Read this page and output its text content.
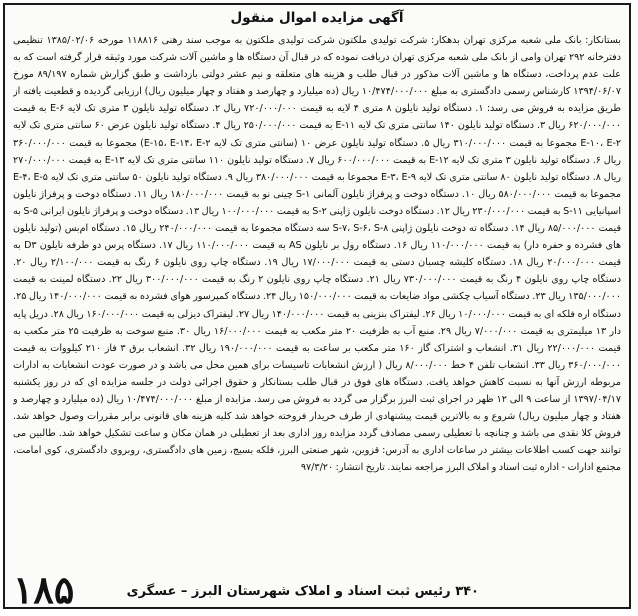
آگهی مزایده اموال منقول
بستانکار: بانک ملی شعبه مرکزی تهران بدهکار: شرکت تولیدی ملکتون شرکت تولیدی ملکتون به موجب سند رهنی ۱۱۸۸۱۶ مورخه ۱۳۸۵/۰۲/۰۶ تنظیمی دفترخانه ۲۹۲ تهران وامی از بانک ملی شعبه مرکزی تهران دریافت نموده که در قبال آن دستگاه ها و ماشین آلات شرکت مورد وثیقه قرار گرفته است که به علت عدم پرداخت، دستگاه ها و ماشین آلات مذکور در قبال طلب و هزینه های متعلقه و نیم عشر دولتی بازداشت و طبق گزارش شماره ۸۹/۱۹۷ مورخ ۱۳۹۴/۰۶/۰۷ کارشناس رسمی دادگستری به مبلغ ۱۰/۴۷۴/۰۰۰/۰۰۰ ریال (ده میلیارد و چهارصد و هفتاد و چهار میلیون ریال) ارزیابی گردیده و قطعیت یافته از طریق مزایده به فروش می رسد: ۱. دستگاه تولید نایلون ۸ متری ۴ لایه به قیمت ۷۲۰/۰۰۰/۰۰۰ ریال ۲. دستگاه تولید نایلون ۳ متری تک لایه E-۶ به قیمت ۶۲۰/۰۰۰/۰۰۰ ریال ۳. دستگاه تولید نایلون ۱۴۰ سانتی متری تک لایه E-۱۱ به قیمت ۲۵۰/۰۰۰/۰۰۰ ریال ۴. دستگاه تولید نایلون عرض ۶۰ سانتی متری تک لایه E-۱۰، E-۲ مجموعا به قیمت ۳۱۰/۰۰۰/۰۰۰ ریال ۵. دستگاه تولید نایلون عرض ۱۰ (سانتی متری تک لایه E-۱۵، E-۱۴، E-۲) مجموعا به قیمت ۳۶۰/۰۰۰/۰۰۰ ریال ۶. دستگاه تولید نایلون ۳ متری تک لایه E-۱۲ به قیمت ۶۰۰/۰۰۰/۰۰۰ ریال ۷. دستگاه تولید نایلون ۱۱۰ سانتی متری تک لایه E-۱۳ به قیمت ۲۷۰/۰۰۰/۰۰۰ ریال ۸. دستگاه تولید نایلون ۸۰ سانتی متری تک لایه E-۳، E-۹ مجموعا به قیمت ۳۸۰/۰۰۰/۰۰۰ ریال ۹. دستگاه تولید نایلون ۵۰ سانتی متری تک لایه E-۴، E-۵ مجموعا به قیمت ۵۸۰/۰۰۰/۰۰۰ ریال ۱۰. دستگاه دوخت و پرفراژ نایلون آلمانی S-۱ چینی نو به قیمت ۱۸۰/۰۰۰/۰۰۰ ریال ۱۱. دستگاه دوخت و پرفراژ نایلون اسپانیایی S-۱۱ به قیمت ۲۳۰/۰۰۰/۰۰۰ ریال ۱۲. دستگاه دوخت نایلون ژاپنی S-۲ به قیمت ۱۰۰/۰۰۰/۰۰۰ ریال ۱۳. دستگاه دوخت و پرفراژ نایلون ایرانی S-۵ به قیمت ۸۵/۰۰۰/۰۰۰ ریال ۱۴. دستگاه ته دوخت نایلون ژاپنی S-۷، S-۶، S-۸ سه دستگاه مجموعا به قیمت ۲۴۰/۰۰۰/۰۰۰ ریال ۱۵. دستگاه ام‌بس (تولید نایلون های فشرده و حفره دار) به قیمت ۱۱۰/۰۰۰/۰۰۰ ریال ۱۶. دستگاه رول بر نایلون AS به قیمت ۱۱۰/۰۰۰/۰۰۰ ریال ۱۷. دستگاه پرس دو طرفه نایلون D۳ به قیمت ۲۰/۰۰۰/۰۰۰ ریال ۱۸. دستگاه کلیشه چسبان دستی به قیمت ۱۷/۰۰۰/۰۰۰ ریال ۱۹. دستگاه چاپ روی نایلون ۶ رنگ به قیمت ۲/۱۰۰/۰۰۰ ریال ۲۰. دستگاه چاپ روی نایلون ۴ رنگ به قیمت ۷۳۰/۰۰۰/۰۰۰ ریال ۲۱. دستگاه چاپ روی نایلون ۲ رنگ به قیمت ۳۰۰/۰۰۰/۰۰۰ ریال ۲۲. دستگاه لمینت به قیمت ۱۳۵/۰۰۰/۰۰۰ ریال ۲۳. دستگاه آسیاب چکشی مواد ضایعات به قیمت ۱۵۰/۰۰۰/۰۰۰ ریال ۲۴. دستگاه کمپرسور هوای فشرده به قیمت ۱۴۰/۰۰۰/۰۰۰ ریال ۲۵. دستگاه اره فلکه ای به قیمت ۱۰/۰۰۰/۰۰۰ ریال ۲۶. لیفتراک بنزینی به قیمت ۱۴۰/۰۰۰/۰۰۰ ریال ۲۷. لیفتراک دیزلی به قیمت ۱۶۰/۰۰۰/۰۰۰ ریال ۲۸. دریل پایه دار ۱۳ میلیمتری به قیمت ۷/۰۰۰/۰۰۰ ریال ۲۹. منبع آب به ظرفیت ۲۰ متر مکعب به قیمت ۱۶/۰۰۰/۰۰۰ ریال ۳۰. منبع سوخت به ظرفیت ۲۵ متر مکعب به قیمت ۲۲/۰۰۰/۰۰۰ ریال ۳۱. انشعاب و اشتراک گاز ۱۶۰ متر مکعب بر ساعت به قیمت ۱۹۰/۰۰۰/۰۰۰ ریال ۳۲. انشعاب برق ۳ فاز ۲۱۰ کیلووات به قیمت ۳۶۰/۰۰۰/۰۰۰ ریال ۳۳. انشعاب تلفن ۴ خط ۸/۰۰۰/۰۰۰ ریال ( ارزش انشعابات تاسیسات برای همین محل می باشد و در صورت عودت انشعابات به ادارات مربوطه ارزش آنها به نسبت کاهش خواهد یافت. دستگاه های فوق در قبال طلب بستانکار و حقوق اجرائی دولت در جلسه مزایده ای که در روز یکشنبه ۱۳۹۷/۰۴/۱۷ از ساعت ۹ الی ۱۲ ظهر در اجرای ثبت البرز برگزار می گردد به فروش می رسد. مزایده از مبلغ ۱۰/۴۷۴/۰۰۰/۰۰۰ ریال (ده میلیارد و چهارصد و هفتاد و چهار میلیون ریال) شروع و به بالاترین قیمت پیشنهادی از طرف خریدار فروخته خواهد شد کلیه هزینه های قانونی برابر مقررات وصول خواهد شد. فروش کلا نقدی می باشد و چنانچه با تعطیلی رسمی مصادف گردد مزایده روز اداری بعد از تعطیلی در همان مکان و ساعت تشکیل خواهد شد. طالبین می توانند جهت کسب اطلاعات بیشتر در ساعات اداری به آدرس: قزوین، شهر صنعتی البرز، فلکه بسیج، زمین های دادگستری، روبروی دادگستری، کوی امامت، مجتمع ادارات - اداره ثبت اسناد و املاک البرز مراجعه نمایند. تاریخ انتشار: ۹۷/۳/۲۰
۳۴۰ رئیس ثبت اسناد و املاک شهرستان البرز – عسگری
۱۸۵
